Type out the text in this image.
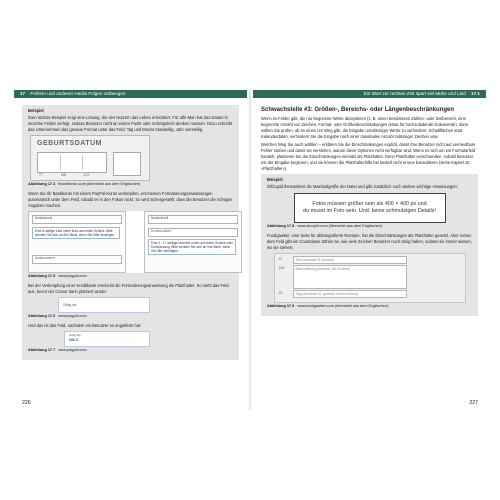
17 Fehlern und anderen Hacks Folgen vorbeugen
Beispiel
Das nächste Beispiel zeigt eine Lösung, die den Nutzern das Leben erleichtert. Für Idfe-Man hat das Datum in einzelne Felder zerlegt, sodass Benutzer nicht an einem Punkt oder Schrägstrich denken müssen. Dazu schreibt das Unternehmen das genaue Format unter das Feld: Tag und Monat zweistellig, Jahr vierstellig.
GEBURTSDATUM
TT	MM	JJJJ
Abbildung 17.4 thuisfleman.com (übersetzt aus dem Englischen)
Wenn Sie Ihr Bankkonto mit einem PayPal-Konto verknüpfen, erscheinen Formatierungsanweisungen automatisch unter dem Feld, sobald es in den Fokus rückt. So wird sichergestellt, dass die Benutzer die richtigen Angaben machen.
Bankleitzahl
Eine 5-stellige Zahl unten links auf einem Scheck. Bitte wenden Sie sich an Ihre Bank, wenn Sie Hilfe benötigen.
Kontonummer
Bankleitzahl
Kontonummer
Eine 3 - 17-stellige Nummer unten auf einem Scheck oder Kontoauszug. Bitte wenden Sie sich an Ihre Bank, wenn Sie Hilfe benötigen.
Abbildung 17.5 www.paypal.com
Bei der Verknüpfung einer Kreditkarte erscheint die Formatierungsanweisung als Platzhalter. So steht das Feld aus, bevor der Cursor darin platziert wurde:
Gültig bis
Abbildung 17.6 www.paypal.com
Und das ist das Feld, nachdem ein Benutzer es angeklickt hat:
Gültig bis
MM/JJ
Abbildung 17.7 www.paypal.com
226
Ein Wort zur rechten Zeit spart viel Mühe und Leid 17.1
Schwachstelle #3: Größen-, Bereichs- oder Längenbeschränkungen
Wenn es Felder gibt, die nur begrenzte Werte akzeptieren (z. B. einen bestimmten Zahlen- oder Zeitbereich, eine begrenzte Anzahl von Zeichen, Format- oder Größenbeschränkungen (etwa für hochzuladende Dokumente), dann sollten Sie prüfen, ob es einen UX-Weg gibt, die Eingabe unzulässiger Werte zu verhindern: Schaltflächen statt Kalenderdaten, verhindern Sie die Eingabe nach einer maximalen Anzahl zulässiger Zeichen usw.
Welchen Weg Sie auch wählen – erklären Sie die Einschränkungen explizit, damit Ihre Benutzer nicht auf vermeidbare Fehler stoßen und damit sie verstehen, warum diese Optionen nicht verfügbar sind. Wenn es sich um ein Formularfeld handelt, platzieren Sie die Einschränkungen niemals als Platzhalter. Denn Platzhalter verschwinden, sobald Benutzer mit der Eingabe beginnen, und sie können die Platzhalterhilfe bei Bedarf nicht erneut konsultieren (siehe Kapitel 10, »Platzhalter«).
Beispiel
iOfCupid thematisiert die Maximalgröße der Datei und gibt zusätzlich noch andere wichtige Anweisungen:
Fotos müssen größer sein als 400 × 400 px und
du musst im Foto sein. Und: keine schmutzigen Details!
Abbildung 17.8 www.okcupid.com (übersetzt aus dem Englischen)
Foodgawker, eine Seite für abfotografierte Rezepte, hat die Einschränkungen als Platzhalter gesetzt. Aber neben dem Feld gibt ein Countdown-Zähler an, wie viele Zeichen Benutzer noch übrig haben, sodass sie immer wissen, wo sie stehen:
37	Titel (maximal 35 Zeichen)
160	Beschreibung (maximal 160 Zeichen)
20	Tags (maximal 20, getrennt durch Komma)
Abbildung 17.9 www.foodgawker.com (übersetzt aus dem Englischen)
227
